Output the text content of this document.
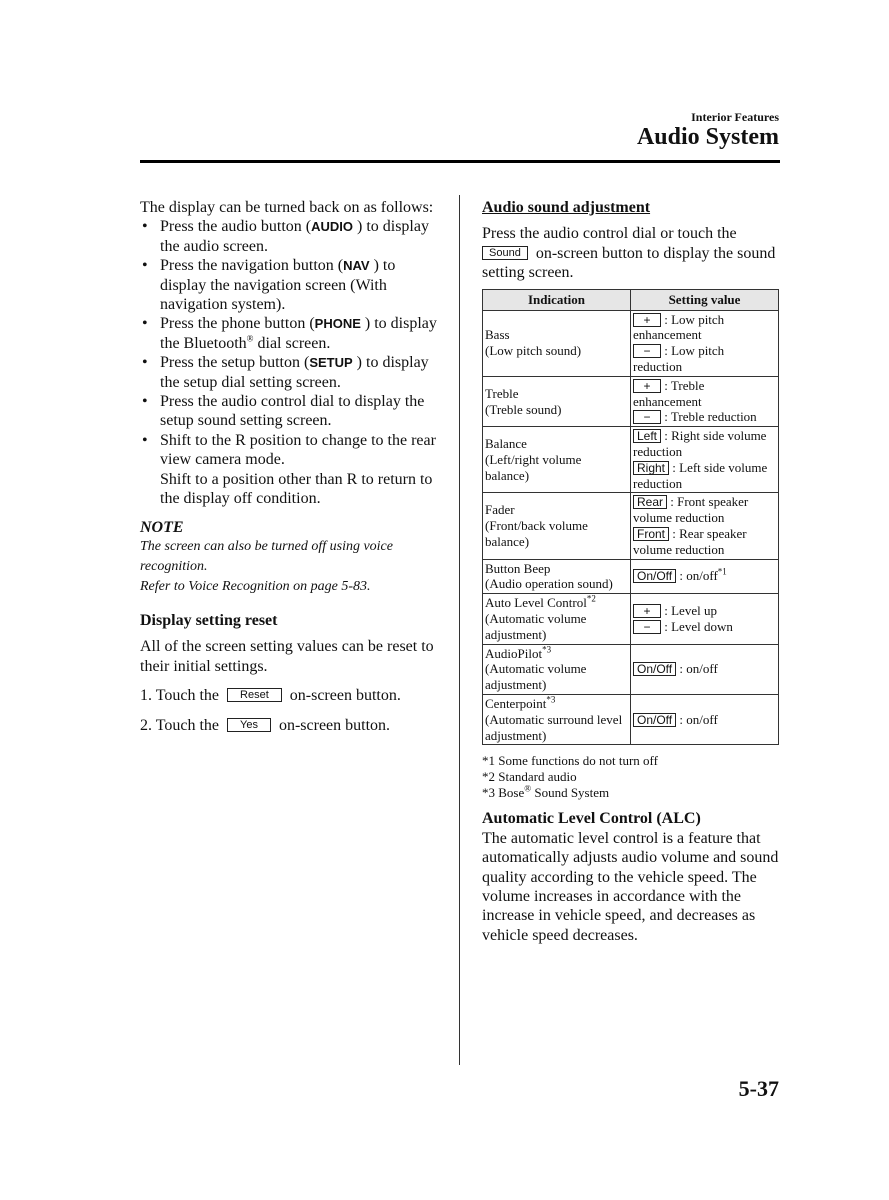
Interior Features
Audio System

The display can be turned back on as follows:

• Press the audio button (AUDIO ) to display the audio screen.
• Press the navigation button (NAV ) to display the navigation screen (With navigation system).
• Press the phone button (PHONE ) to display the Bluetooth® dial screen.
• Press the setup button (SETUP ) to display the setup dial setting screen.
• Press the audio control dial to display the setup sound setting screen.
• Shift to the R position to change to the rear view camera mode.
Shift to a position other than R to return to the display off condition.

NOTE

The screen can also be turned off using voice recognition.

Refer to Voice Recognition on page 5-83.

Display setting reset

All of the screen setting values can be reset to their initial settings.

1. Touch the Reset on-screen button.

2. Touch the Yes on-screen button.

Audio sound adjustment

Press the audio control dial or touch the
Sound on-screen button to display the sound setting screen.

Indication	Setting value
Bass
(Low pitch sound)	+ : Low pitch enhancement
− : Low pitch reduction
Treble
(Treble sound)	+ : Treble enhancement
− : Treble reduction
Balance
(Left/right volume balance)	Left : Right side volume reduction
Right : Left side volume reduction
Fader
(Front/back volume balance)	Rear : Front speaker volume reduction
Front : Rear speaker volume reduction
Button Beep
(Audio operation sound)	On/Off : on/off$^{*1}$
Auto Level Control$^{*2}$
(Automatic volume adjustment)	+ : Level up
− : Level down
AudioPilot$^{*3}$
(Automatic volume adjustment)	On/Off : on/off
Centerpoint$^{*3}$
(Automatic surround level adjustment)	On/Off : on/off
*1 Some functions do not turn off
*2 Standard audio
*3 Bose® Sound System

Automatic Level Control (ALC)

The automatic level control is a feature that automatically adjusts audio volume and sound quality according to the vehicle speed. The volume increases in accordance with the increase in vehicle speed, and decreases as vehicle speed decreases.

5-37
